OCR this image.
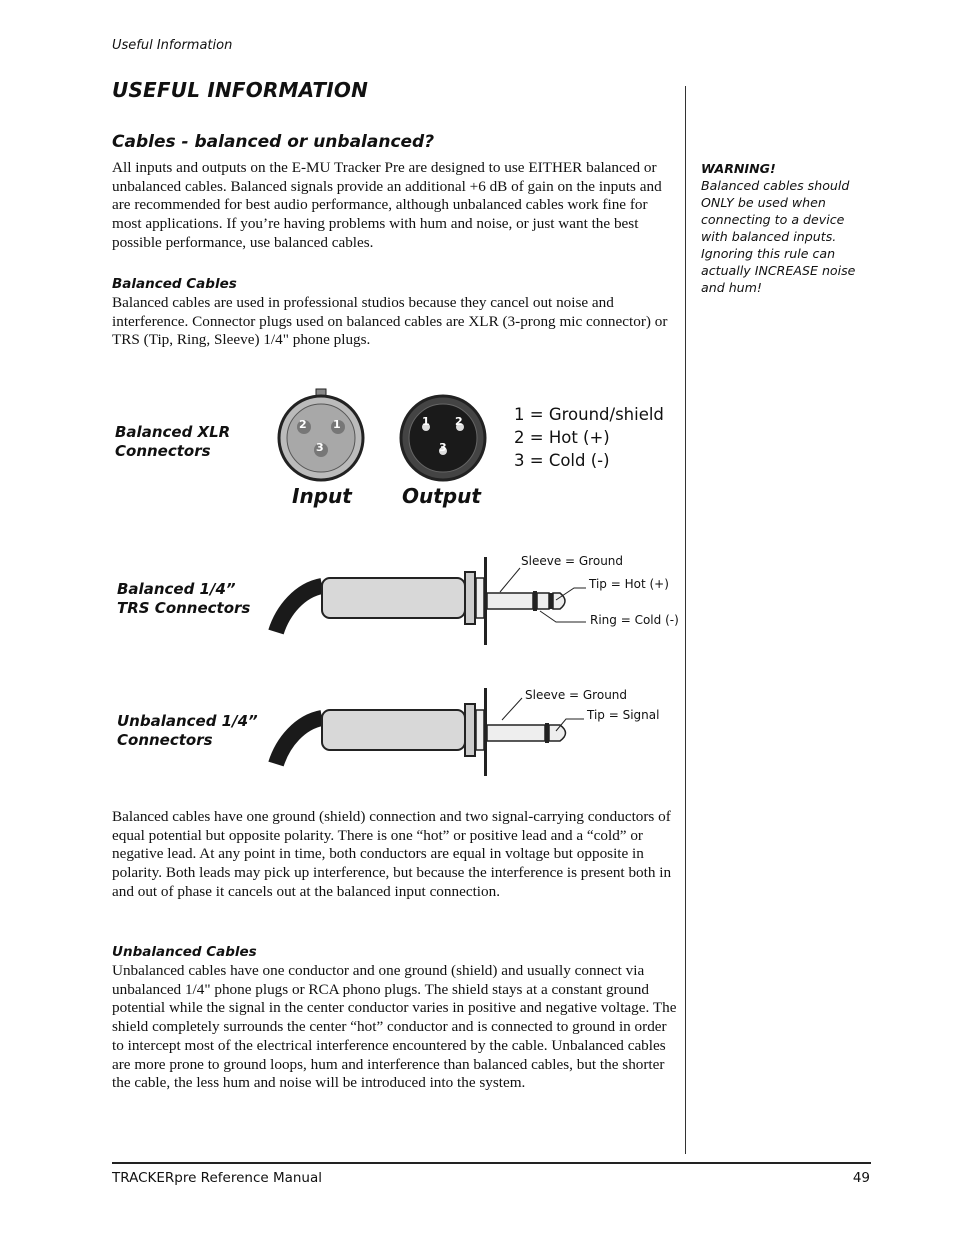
Useful Information
USEFUL INFORMATION
Cables - balanced or unbalanced?

All inputs and outputs on the E-MU Tracker Pre are designed to use EITHER balanced or unbalanced cables. Balanced signals provide an additional +6 dB of gain on the inputs and are recommended for best audio performance, although unbalanced cables work fine for most applications. If you’re having problems with hum and noise, or just want the best possible performance, use balanced cables.

Balanced Cables

Balanced cables are used in professional studios because they cancel out noise and interference. Connector plugs used on balanced cables are XLR (3-prong mic connector) or TRS (Tip, Ring, Sleeve) 1/4" phone plugs.

2 1
3
1 2
3
Balanced XLR
Connectors
1 = Ground/shield
2 = Hot (+)
3 = Cold (-)
Input	Output
Balanced 1/4”
TRS Connectors
Sleeve = Ground
Tip = Hot (+)
Ring = Cold (-)
Unbalanced 1/4”
Connectors
Sleeve = Ground
Tip = Signal

Balanced cables have one ground (shield) connection and two signal-carrying conductors of equal potential but opposite polarity. There is one “hot” or positive lead and a “cold” or negative lead. At any point in time, both conductors are equal in voltage but opposite in polarity. Both leads may pick up interference, but because the interference is present both in and out of phase it cancels out at the balanced input connection.

Unbalanced Cables

Unbalanced cables have one conductor and one ground (shield) and usually connect via unbalanced 1/4" phone plugs or RCA phono plugs. The shield stays at a constant ground potential while the signal in the center conductor varies in positive and negative voltage. The shield completely surrounds the center “hot” conductor and is connected to ground in order to intercept most of the electrical interference encountered by the cable. Unbalanced cables are more prone to ground loops, hum and interference than balanced cables, but the shorter the cable, the less hum and noise will be introduced into the system.

WARNING!
Balanced cables should ONLY be used when connecting to a device with balanced inputs. Ignoring this rule can actually INCREASE noise and hum!
TRACKERpre Reference Manual	49
